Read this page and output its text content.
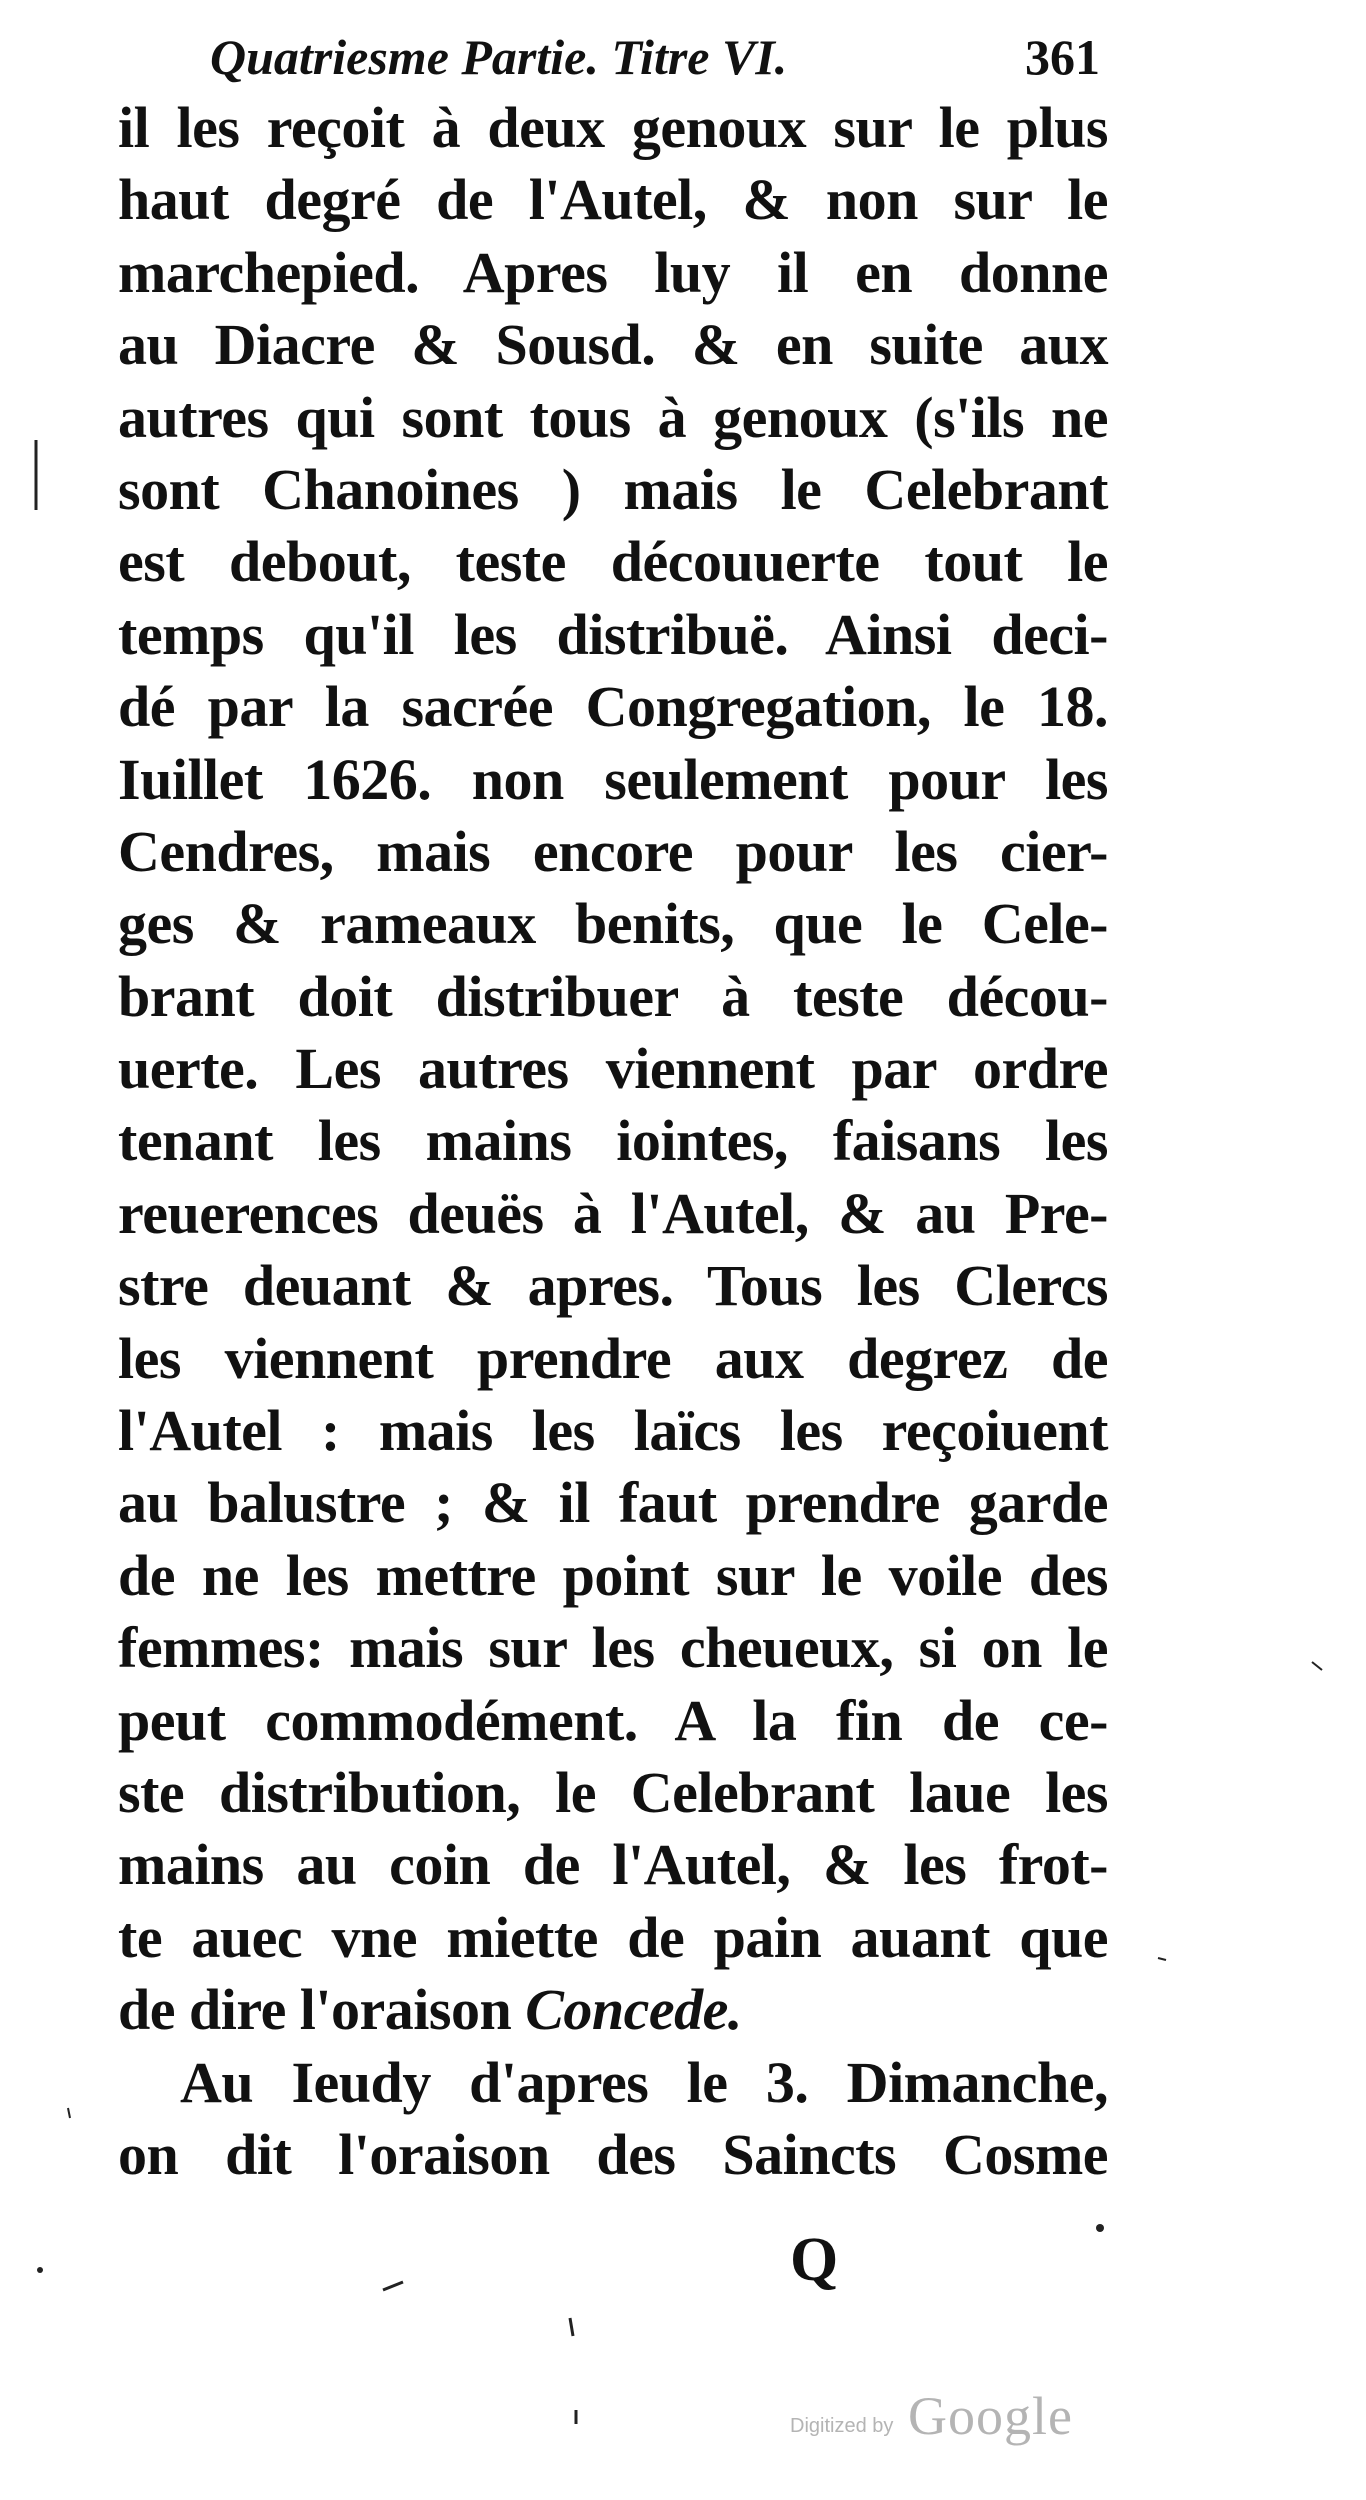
Quatriesme Partie. Titre VI.	361
il les reçoit à deux genoux sur le plus
haut degré de l'Autel, & non sur le
marchepied. Apres luy il en donne
au Diacre & Sousd. & en suite aux
autres qui sont tous à genoux (s'ils ne
sont Chanoines ) mais le Celebrant
est debout, teste découuerte tout le
temps qu'il les distribuë. Ainsi deci-
dé par la sacrée Congregation, le 18.
Iuillet 1626. non seulement pour les
Cendres, mais encore pour les cier-
ges & rameaux benits, que le Cele-
brant doit distribuer à teste décou-
uerte. Les autres viennent par ordre
tenant les mains iointes, faisans les
reuerences deuës à l'Autel, & au Pre-
stre deuant & apres. Tous les Clercs
les viennent prendre aux degrez de
l'Autel : mais les laïcs les reçoiuent
au balustre ; & il faut prendre garde
de ne les mettre point sur le voile des
femmes: mais sur les cheueux, si on le
peut commodément. A la fin de ce-
ste distribution, le Celebrant laue les
mains au coin de l'Autel, & les frot-
te auec vne miette de pain auant que
de dire l'oraison Concede.
Au Ieudy d'apres le 3. Dimanche,
on dit l'oraison des Saincts Cosme
Q
Digitized by Google
